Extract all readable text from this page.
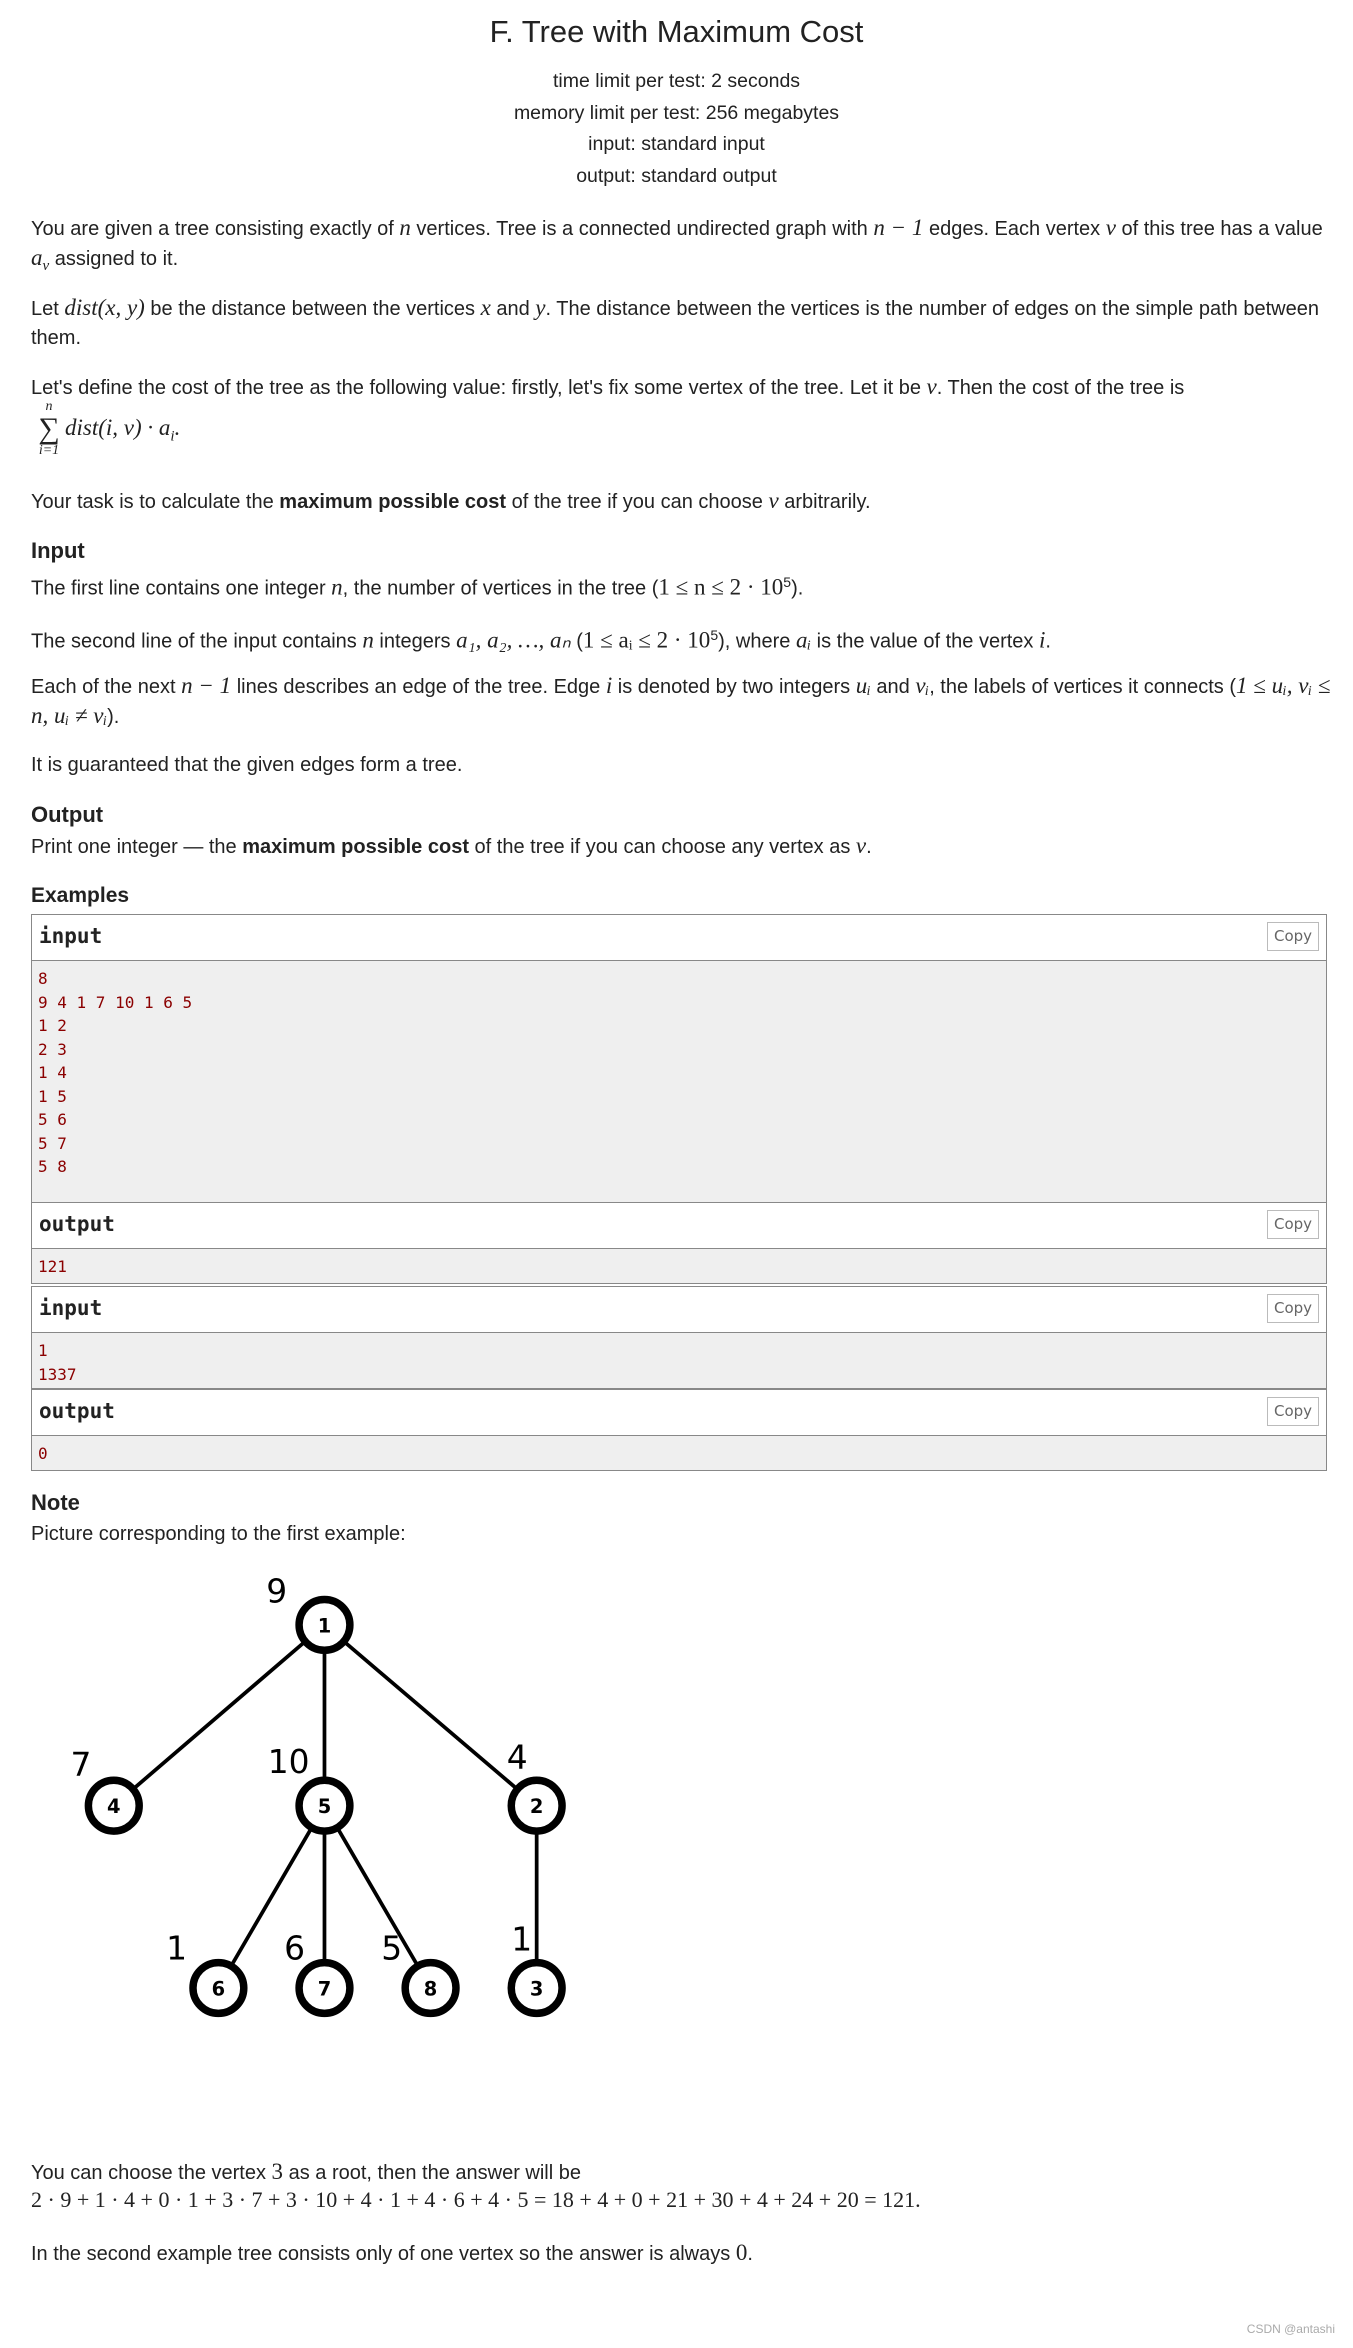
F. Tree with Maximum Cost
time limit per test: 2 seconds
memory limit per test: 256 megabytes
input: standard input
output: standard output
You are given a tree consisting exactly of n vertices. Tree is a connected undirected graph with n − 1 edges. Each vertex v of this tree has a value $a_v$ assigned to it.
Let dist(x, y) be the distance between the vertices x and y. The distance between the vertices is the number of edges on the simple path between them.
Let's define the cost of the tree as the following value: firstly, let's fix some vertex of the tree. Let it be v. Then the cost of the tree is
n
∑
i=1
dist(i, $v) \cdot a_i$.
Your task is to calculate the maximum possible cost of the tree if you can choose v arbitrarily.
Input
The first line contains one integer n, the number of vertices in the tree $(1 \le n \le 2 \cdot 10^5)$.
The second line of the input contains n integers a₁, a₂, …, aₙ (1 ≤ aᵢ ≤ $2 \cdot 10^5$), where aᵢ is the value of the vertex i.
Each of the next n − 1 lines describes an edge of the tree. Edge i is denoted by two integers uᵢ and vᵢ, the labels of vertices it connects (1 ≤ uᵢ, vᵢ ≤ n, uᵢ ≠ vᵢ).
It is guaranteed that the given edges form a tree.
Output
Print one integer — the maximum possible cost of the tree if you can choose any vertex as v.
Examples
input	Copy
8
9 4 1 7 10 1 6 5
1 2
2 3
1 4
1 5
5 6
5 7
5 8
output	Copy
121
input	Copy
1
1337
output	Copy
0
Note
Picture corresponding to the first example:
1
9
4
7
5
10
2
4
6
1
7
6
8
5
3
1
You can choose the vertex 3 as a root, then the answer will be
2 · 9 + 1 · 4 + 0 · 1 + 3 · 7 + 3 · 10 + 4 · 1 + 4 · 6 + 4 · 5 = 18 + 4 + 0 + 21 + 30 + 4 + 24 + 20 = 121.
In the second example tree consists only of one vertex so the answer is always 0.
CSDN @antashi
